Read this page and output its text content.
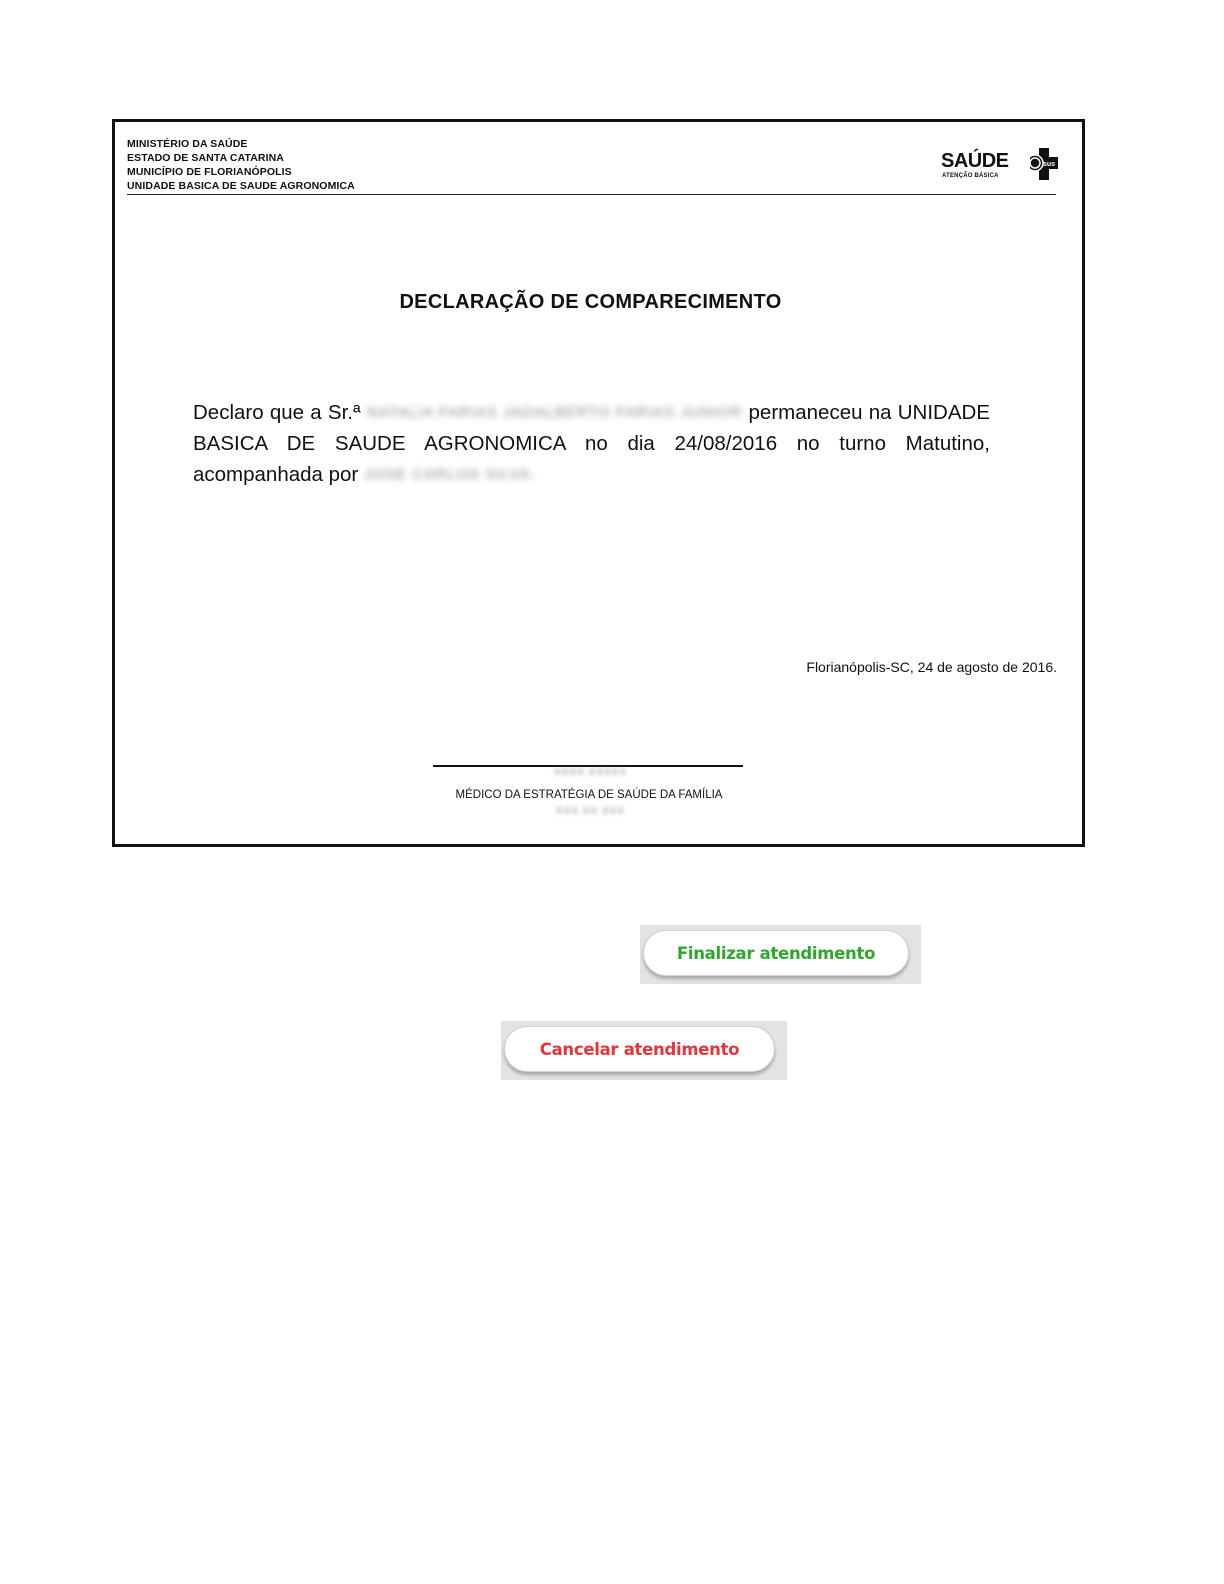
MINISTÉRIO DA SAÚDE
ESTADO DE SANTA CATARINA
MUNICÍPIO DE FLORIANÓPOLIS
UNIDADE BASICA DE SAUDE AGRONOMICA
SAÚDE
ATENÇÃO BÁSICA
sus
DECLARAÇÃO DE COMPARECIMENTO
Declaro que a Sr.ª NATALIA FARIAS JADALBERTO FARIAS JUNIOR permaneceu na UNIDADE BASICA DE SAUDE AGRONOMICA no dia 24/08/2016 no turno Matutino, acompanhada por JOSE CARLOS SILVA.
Florianópolis-SC, 24 de agosto de 2016.
XXXX XXXXX
MÉDICO DA ESTRATÉGIA DE SAÚDE DA FAMÍLIA
XXX XX XXX
Finalizar atendimento
Cancelar atendimento
